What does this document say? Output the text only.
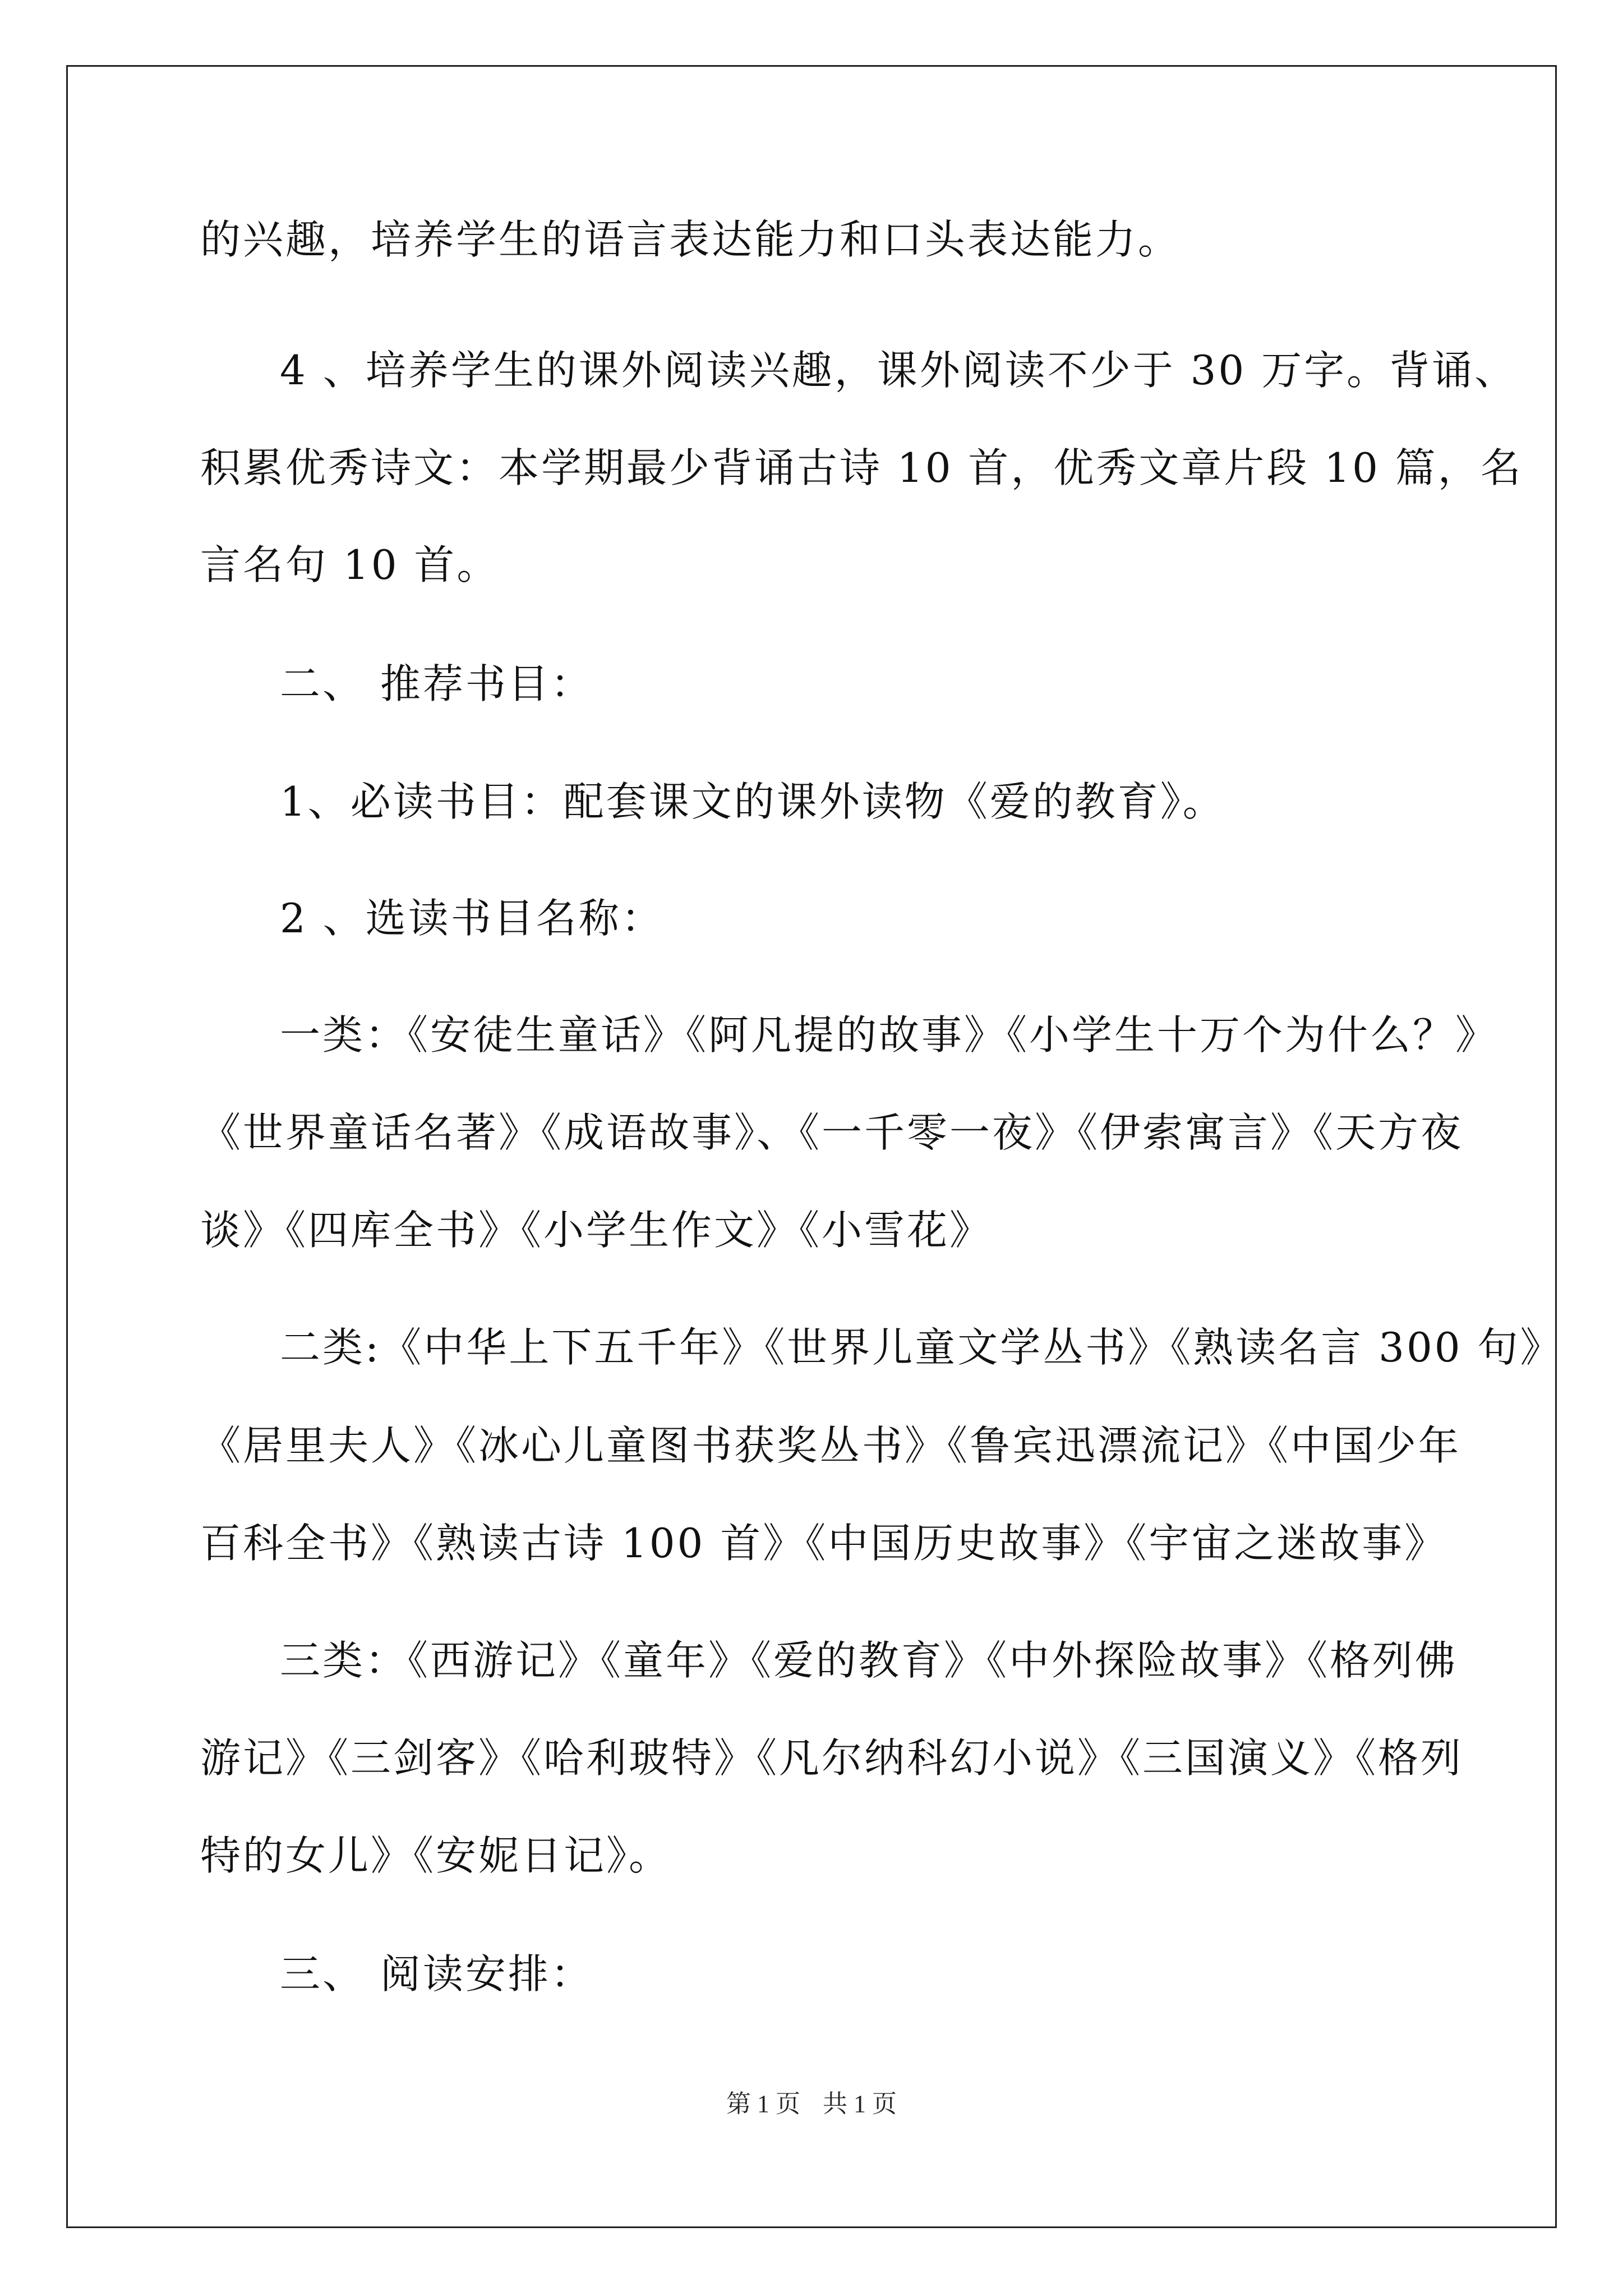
的兴趣，培养学生的语言表达能力和口头表达能力。
4 、培养学生的课外阅读兴趣，课外阅读不少于 30 万字。背诵、
积累优秀诗文：本学期最少背诵古诗 10 首，优秀文章片段 10 篇，名
言名句 10 首。
二、 推荐书目：
1、必读书目：配套课文的课外读物《爱的教育》。
2 、选读书目名称：
一类：《安徒生童话》《阿凡提的故事》《小学生十万个为什么？》
《世界童话名著》《成语故事》、《一千零一夜》《伊索寓言》《天方夜
谈》《四库全书》《小学生作文》《小雪花》
二类:《中华上下五千年》《世界儿童文学丛书》《熟读名言 300 句》
《居里夫人》《冰心儿童图书获奖丛书》《鲁宾迅漂流记》《中国少年
百科全书》《熟读古诗 100 首》《中国历史故事》《宇宙之迷故事》
三类：《西游记》《童年》《爱的教育》《中外探险故事》《格列佛
游记》《三剑客》《哈利玻特》《凡尔纳科幻小说》《三国演义》《格列
特的女儿》《安妮日记》。
三、 阅读安排：
第 1 页 共 1 页
